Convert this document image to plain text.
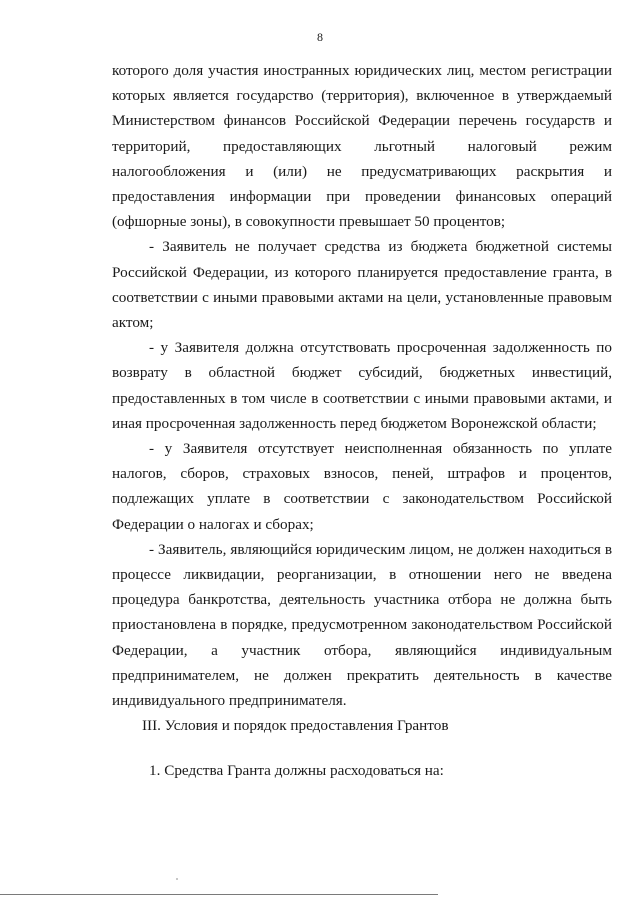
8

которого доля участия иностранных юридических лиц, местом регистрации которых является государство (территория), включенное в утверждаемый Министерством финансов Российской Федерации перечень государств и территорий, предоставляющих льготный налоговый режим налогообложения и (или) не предусматривающих раскрытия и предоставления информации при проведении финансовых операций (офшорные зоны), в совокупности превышает 50 процентов;

- Заявитель не получает средства из бюджета бюджетной системы Российской Федерации, из которого планируется предоставление гранта, в соответствии с иными правовыми актами на цели, установленные правовым актом;

- у Заявителя должна отсутствовать просроченная задолженность по возврату в областной бюджет субсидий, бюджетных инвестиций, предоставленных в том числе в соответствии с иными правовыми актами, и иная просроченная задолженность перед бюджетом Воронежской области;

- у Заявителя отсутствует неисполненная обязанность по уплате налогов, сборов, страховых взносов, пеней, штрафов и процентов, подлежащих уплате в соответствии с законодательством Российской Федерации о налогах и сборах;

- Заявитель, являющийся юридическим лицом, не должен находиться в процессе ликвидации, реорганизации, в отношении него не введена процедура банкротства, деятельность участника отбора не должна быть приостановлена в порядке, предусмотренном законодательством Российской Федерации, а участник отбора, являющийся индивидуальным предпринимателем, не должен прекратить деятельность в качестве индивидуального предпринимателя.

III. Условия и порядок предоставления Грантов

1. Средства Гранта должны расходоваться на:
